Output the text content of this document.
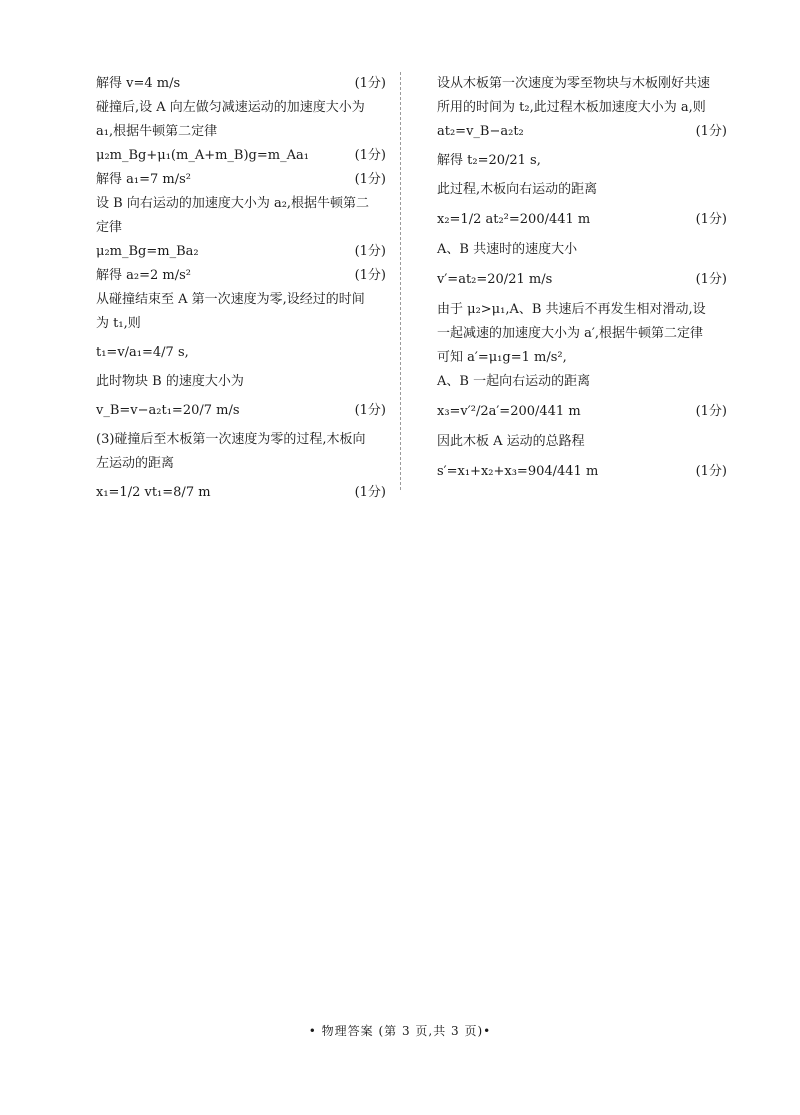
解得 v=4 m/s	(1分)
碰撞后,设 A 向左做匀减速运动的加速度大小为
a₁,根据牛顿第二定律
μ₂m_Bg+μ₁(m_A+m_B)g=m_Aa₁	(1分)
解得 a₁=7 m/s²	(1分)
设 B 向右运动的加速度大小为 a₂,根据牛顿第二
定律
μ₂m_Bg=m_Ba₂	(1分)
解得 a₂=2 m/s²	(1分)
从碰撞结束至 A 第一次速度为零,设经过的时间
为 t₁,则
t₁=v/a₁=4/7 s,
此时物块 B 的速度大小为
v_B=v−a₂t₁=20/7 m/s	(1分)
(3)碰撞后至木板第一次速度为零的过程,木板向
左运动的距离
x₁=1/2 vt₁=8/7 m	(1分)
设从木板第一次速度为零至物块与木板刚好共速
所用的时间为 t₂,此过程木板加速度大小为 a,则
at₂=v_B−a₂t₂	(1分)
解得 t₂=20/21 s,
此过程,木板向右运动的距离
x₂=1/2 at₂²=200/441 m	(1分)
A、B 共速时的速度大小
v′=at₂=20/21 m/s	(1分)
由于 μ₂>μ₁,A、B 共速后不再发生相对滑动,设
一起减速的加速度大小为 a′,根据牛顿第二定律
可知 a′=μ₁g=1 m/s²,
A、B 一起向右运动的距离
x₃=v′²/2a′=200/441 m	(1分)
因此木板 A 运动的总路程
s′=x₁+x₂+x₃=904/441 m	(1分)
• 物理答案 (第 3 页,共 3 页)•
